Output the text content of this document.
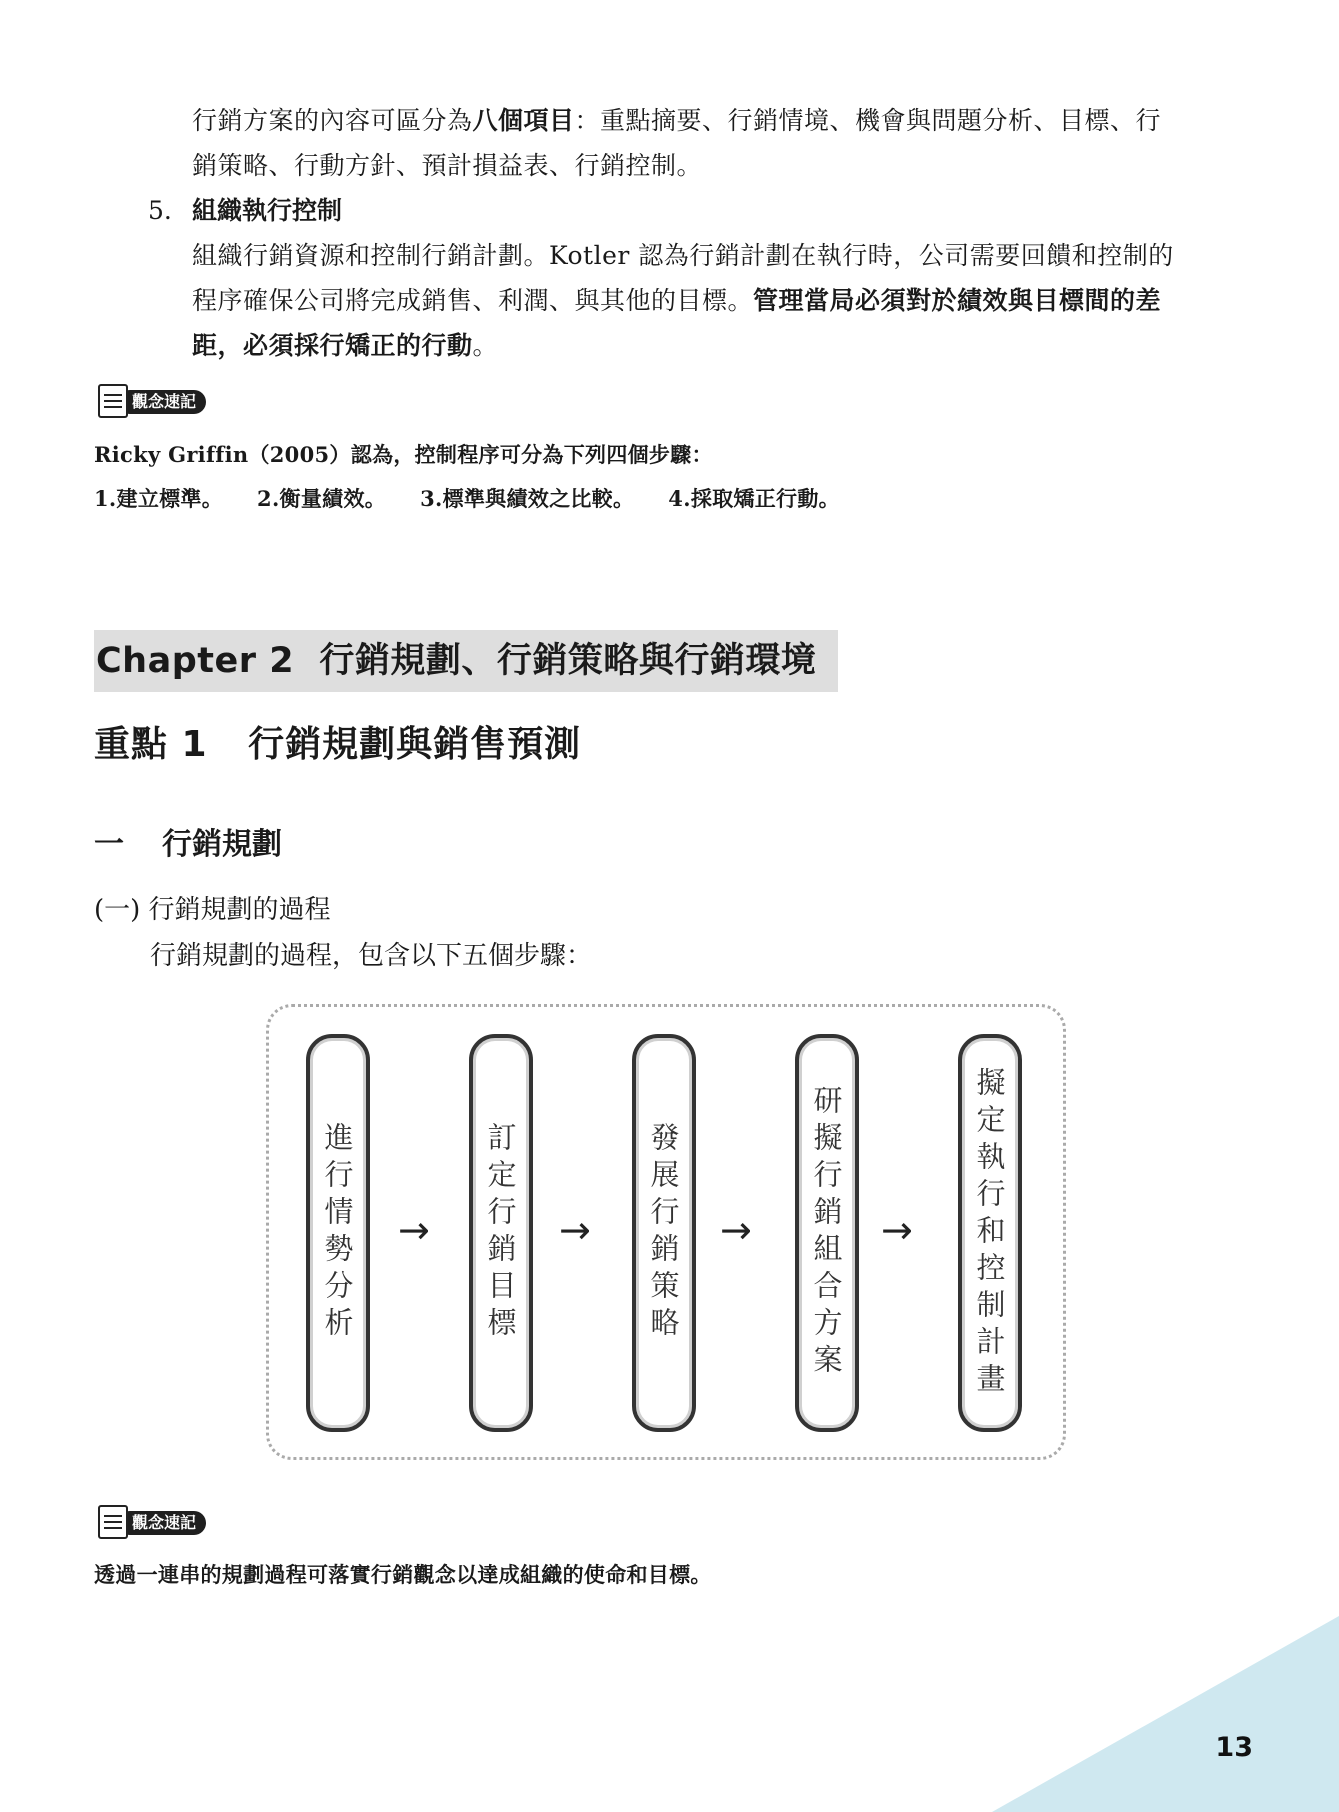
行銷方案的內容可區分為八個項目：重點摘要、行銷情境、機會與問題分析、目標、行
銷策略、行動方針、預計損益表、行銷控制。
5. 組織執行控制
組織行銷資源和控制行銷計劃。Kotler 認為行銷計劃在執行時，公司需要回饋和控制的
程序確保公司將完成銷售、利潤、與其他的目標。管理當局必須對於績效與目標間的差
距，必須採行矯正的行動。
觀念速記
Ricky Griffin（2005）認為，控制程序可分為下列四個步驟：
1.建立標準。 2.衡量績效。 3.標準與績效之比較。 4.採取矯正行動。
Chapter 2  行銷規劃、行銷策略與行銷環境
重點 1   行銷規劃與銷售預測
一 行銷規劃
(一) 行銷規劃的過程
行銷規劃的過程，包含以下五個步驟：
進行情勢分析 → 訂定行銷目標 → 發展行銷策略 → 研擬行銷組合方案 → 擬定執行和控制計畫
觀念速記
透過一連串的規劃過程可落實行銷觀念以達成組織的使命和目標。
13
